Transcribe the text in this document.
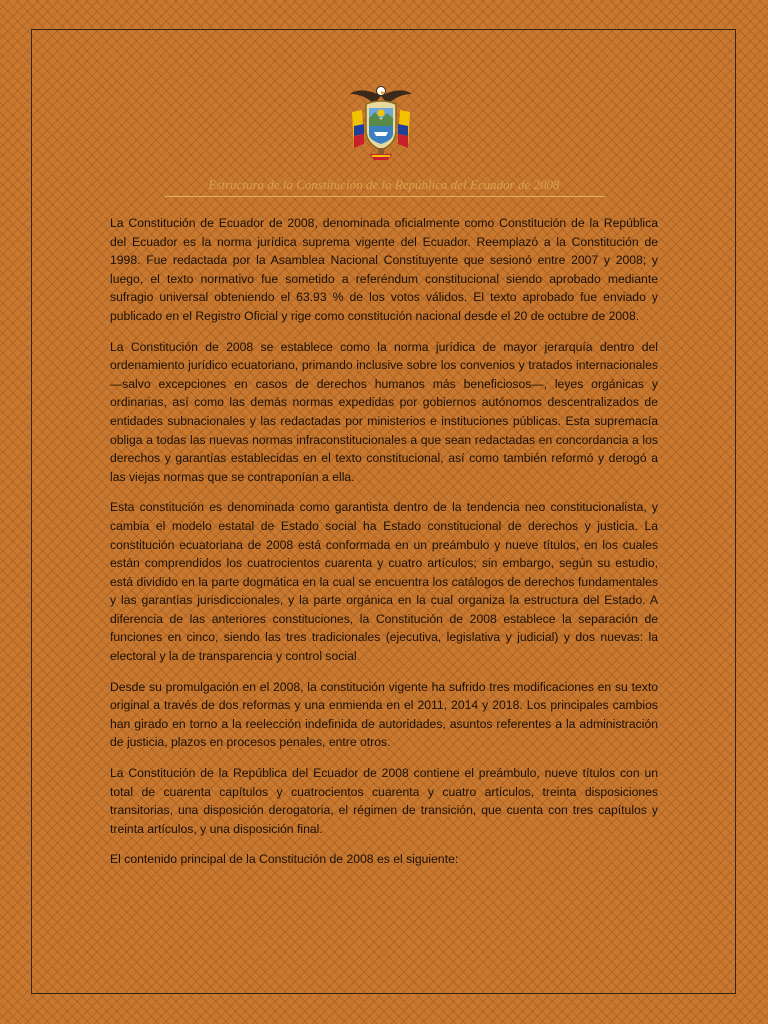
Estructura de la Constitución de la República del Ecuador de 2008

La Constitución de Ecuador de 2008, denominada oficialmente como Constitución de la República del Ecuador es la norma jurídica suprema vigente del Ecuador. Reemplazó a la Constitución de 1998. Fue redactada por la Asamblea Nacional Constituyente que sesionó entre 2007 y 2008; y luego, el texto normativo fue sometido a referéndum constitucional siendo aprobado mediante sufragio universal obteniendo el 63.93 % de los votos válidos. El texto aprobado fue enviado y publicado en el Registro Oficial y rige como constitución nacional desde el 20 de octubre de 2008.

La Constitución de 2008 se establece como la norma jurídica de mayor jerarquía dentro del ordenamiento jurídico ecuatoriano, primando inclusive sobre los convenios y tratados internacionales —salvo excepciones en casos de derechos humanos más beneficiosos—, leyes orgánicas y ordinarias, así como las demás normas expedidas por gobiernos autónomos descentralizados de entidades subnacionales y las redactadas por ministerios e instituciones públicas. Esta supremacía obliga a todas las nuevas normas infraconstitucionales a que sean redactadas en concordancia a los derechos y garantías establecidas en el texto constitucional, así como también reformó y derogó a las viejas normas que se contraponían a ella.

Esta constitución es denominada como garantista dentro de la tendencia neo constitucionalista, y cambia el modelo estatal de Estado social ha Estado constitucional de derechos y justicia. La constitución ecuatoriana de 2008 está conformada en un preámbulo y nueve títulos, en los cuales están comprendidos los cuatrocientos cuarenta y cuatro artículos; sin embargo, según su estudio, está dividido en la parte dogmática en la cual se encuentra los catálogos de derechos fundamentales y las garantías jurisdiccionales, y la parte orgánica en la cual organiza la estructura del Estado. A diferencia de las anteriores constituciones, la Constitución de 2008 establece la separación de funciones en cinco, siendo las tres tradicionales (ejecutiva, legislativa y judicial) y dos nuevas: la electoral y la de transparencia y control social

Desde su promulgación en el 2008, la constitución vigente ha sufrido tres modificaciones en su texto original a través de dos reformas y una enmienda en el 2011, 2014 y 2018. Los principales cambios han girado en torno a la reelección indefinida de autoridades, asuntos referentes a la administración de justicia, plazos en procesos penales, entre otros.

La Constitución de la República del Ecuador de 2008 contiene el preámbulo, nueve títulos con un total de cuarenta capítulos y cuatrocientos cuarenta y cuatro artículos, treinta disposiciones transitorias, una disposición derogatoria, el régimen de transición, que cuenta con tres capítulos y treinta artículos, y una disposición final.

El contenido principal de la Constitución de 2008 es el siguiente:
